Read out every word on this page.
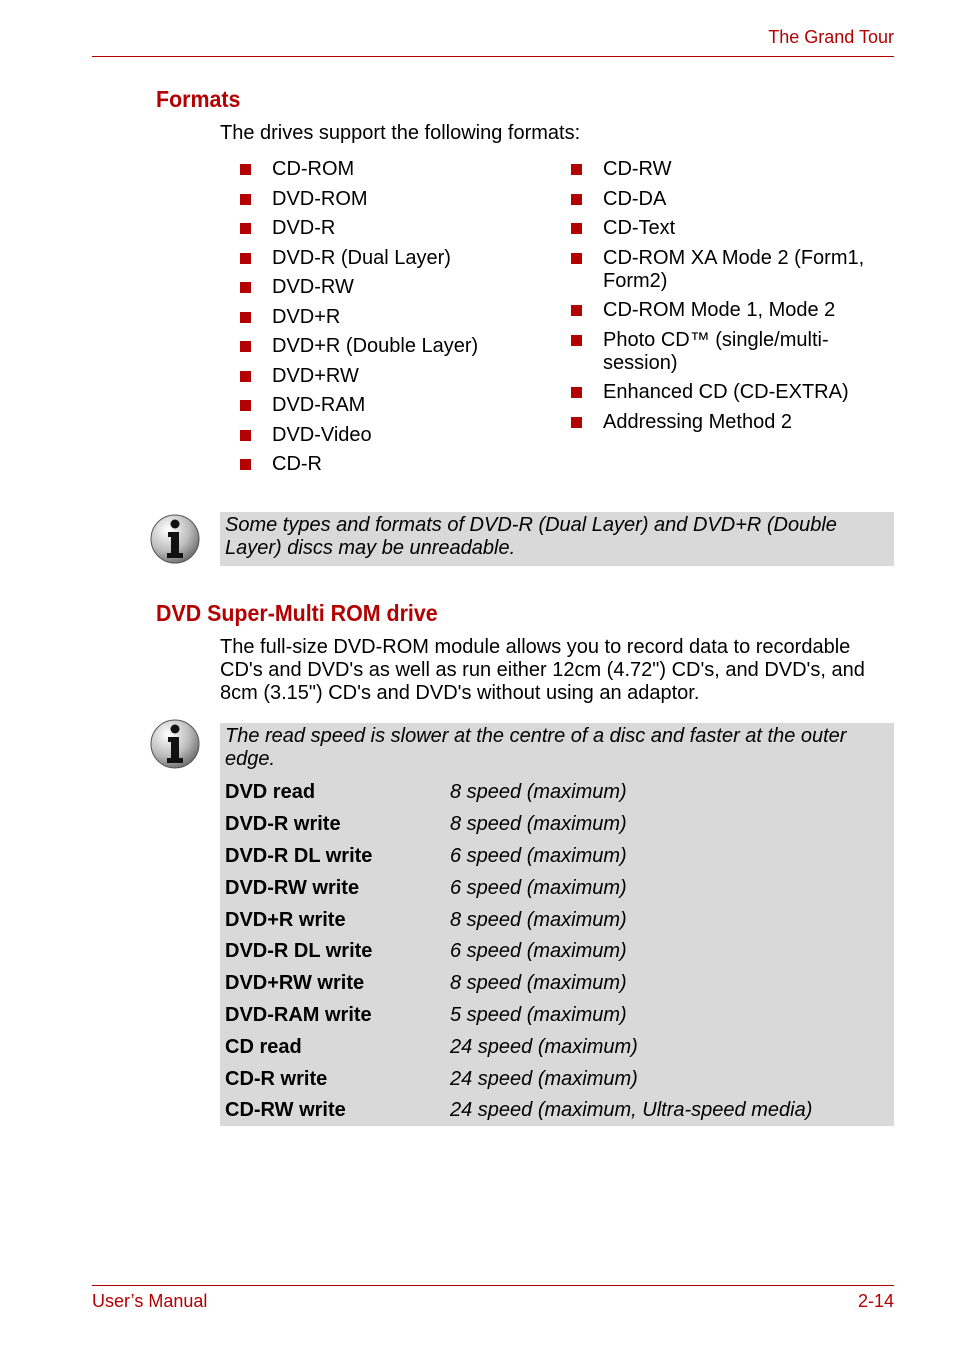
The Grand Tour
Formats
The drives support the following formats:
CD-ROM
DVD-ROM
DVD-R
DVD-R (Dual Layer)
DVD-RW
DVD+R
DVD+R (Double Layer)
DVD+RW
DVD-RAM
DVD-Video
CD-R
CD-RW
CD-DA
CD-Text
CD-ROM XA Mode 2 (Form1, Form2)
CD-ROM Mode 1, Mode 2
Photo CD™ (single/multi-session)
Enhanced CD (CD-EXTRA)
Addressing Method 2
Some types and formats of DVD-R (Dual Layer) and DVD+R (Double Layer) discs may be unreadable.
DVD Super-Multi ROM drive
The full-size DVD-ROM module allows you to record data to recordable CD's and DVD's as well as run either 12cm (4.72") CD's, and DVD's, and 8cm (3.15") CD's and DVD's without using an adaptor.
The read speed is slower at the centre of a disc and faster at the outer edge.
DVD read	8 speed (maximum)
DVD-R write	8 speed (maximum)
DVD-R DL write	6 speed (maximum)
DVD-RW write	6 speed (maximum)
DVD+R write	8 speed (maximum)
DVD-R DL write	6 speed (maximum)
DVD+RW write	8 speed (maximum)
DVD-RAM write	5 speed (maximum)
CD read	24 speed (maximum)
CD-R write	24 speed (maximum)
CD-RW write	24 speed (maximum, Ultra-speed media)
User’s Manual	2-14
